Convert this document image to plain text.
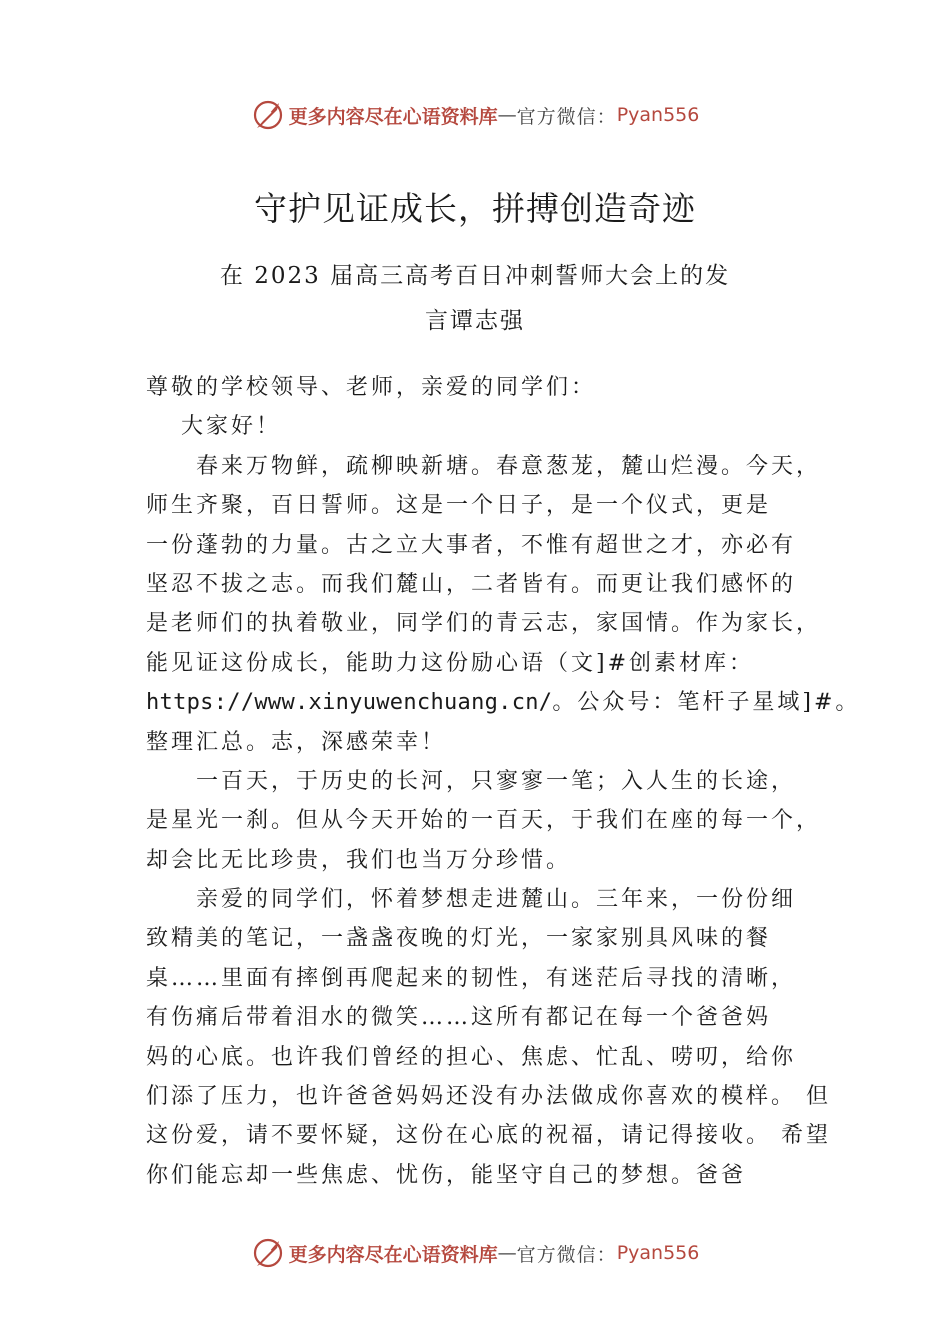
更多内容尽在心语资料库 — 官方微信： Pyan556
守护见证成长，拼搏创造奇迹

在 2023 届高三高考百日冲刺誓师大会上的发

言谭志强

尊敬的学校领导、老师，亲爱的同学们：

　 大家好！

　　春来万物鲜，疏柳映新塘。春意葱茏，麓山烂漫。今天，

师生齐聚，百日誓师。这是一个日子，是一个仪式，更是

一份蓬勃的力量。古之立大事者，不惟有超世之才，亦必有

坚忍不拔之志。而我们麓山，二者皆有。而更让我们感怀的

是老师们的执着敬业，同学们的青云志，家国情。作为家长，

能见证这份成长，能助力这份励心语（文]#创素材库：

https://www.xinyuwenchuang.cn/。公众号：笔杆子星域]#。

整理汇总。志，深感荣幸！

　　一百天，于历史的长河，只寥寥一笔；入人生的长途，

是星光一刹。但从今天开始的一百天，于我们在座的每一个，

却会比无比珍贵，我们也当万分珍惜。

　　亲爱的同学们，怀着梦想走进麓山。三年来，一份份细

致精美的笔记，一盏盏夜晚的灯光，一家家别具风味的餐

桌……里面有摔倒再爬起来的韧性，有迷茫后寻找的清晰，

有伤痛后带着泪水的微笑……这所有都记在每一个爸爸妈

妈的心底。也许我们曾经的担心、焦虑、忙乱、唠叨，给你

们添了压力，也许爸爸妈妈还没有办法做成你喜欢的模样。 但

这份爱，请不要怀疑，这份在心底的祝福，请记得接收。 希望

你们能忘却一些焦虑、忧伤，能坚守自己的梦想。爸爸

更多内容尽在心语资料库 — 官方微信： Pyan556
